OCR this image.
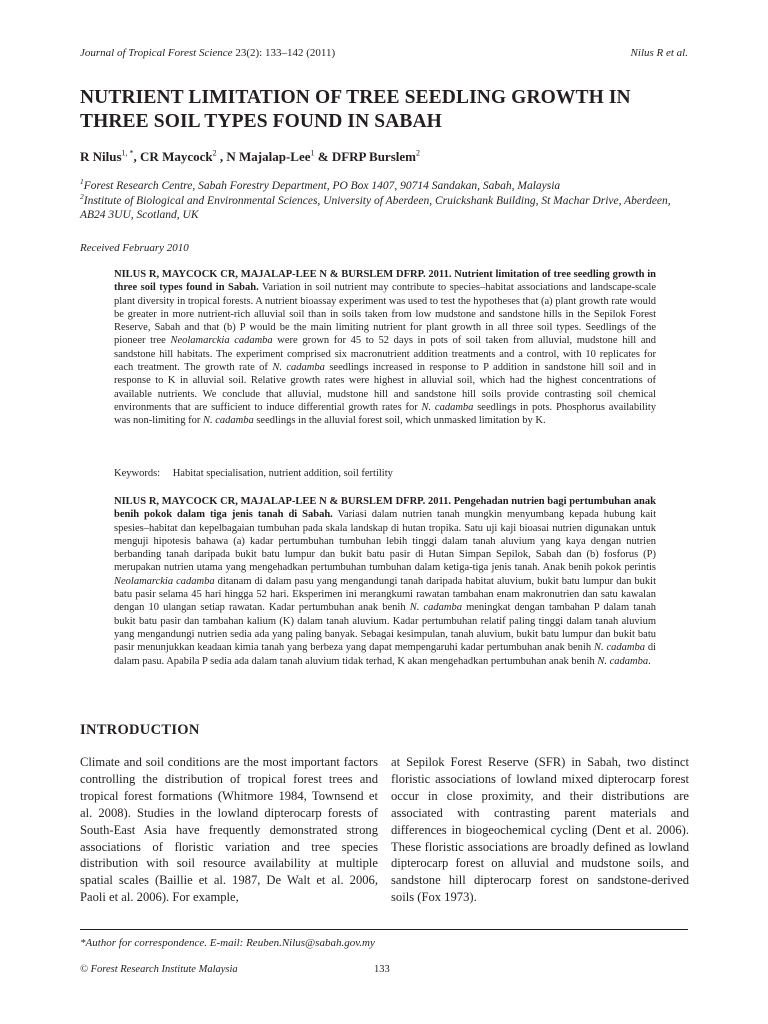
Journal of Tropical Forest Science 23(2): 133–142 (2011)	Nilus R et al.
NUTRIENT LIMITATION OF TREE SEEDLING GROWTH IN THREE SOIL TYPES FOUND IN SABAH
R Nilus$^{1, *}$, CR Maycock$^2$ , N Majalap-Lee$^1$ & DFRP Burslem$^2$
$^1$Forest Research Centre, Sabah Forestry Department, PO Box 1407, 90714 Sandakan, Sabah, Malaysia
$^2$Institute of Biological and Environmental Sciences, University of Aberdeen, Cruickshank Building, St Machar Drive, Aberdeen, AB24 3UU, Scotland, UK
Received February 2010

NILUS R, MAYCOCK CR, MAJALAP-LEE N & BURSLEM DFRP. 2011. Nutrient limitation of tree seedling growth in three soil types found in Sabah. Variation in soil nutrient may contribute to species–habitat associations and landscape-scale plant diversity in tropical forests. A nutrient bioassay experiment was used to test the hypotheses that (a) plant growth rate would be greater in more nutrient-rich alluvial soil than in soils taken from low mudstone and sandstone hills in the Sepilok Forest Reserve, Sabah and that (b) P would be the main limiting nutrient for plant growth in all three soil types. Seedlings of the pioneer tree Neolamarckia cadamba were grown for 45 to 52 days in pots of soil taken from alluvial, mudstone hill and sandstone hill habitats. The experiment comprised six macronutrient addition treatments and a control, with 10 replicates for each treatment. The growth rate of N. cadamba seedlings increased in response to P addition in sandstone hill soil and in response to K in alluvial soil. Relative growth rates were highest in alluvial soil, which had the highest concentrations of available nutrients. We conclude that alluvial, mudstone hill and sandstone hill soils provide contrasting soil chemical environments that are sufficient to induce differential growth rates for N. cadamba seedlings in pots. Phosphorus availability was non-limiting for N. cadamba seedlings in the alluvial forest soil, which unmasked limitation by K.

Keywords: Habitat specialisation, nutrient addition, soil fertility

NILUS R, MAYCOCK CR, MAJALAP-LEE N & BURSLEM DFRP. 2011. Pengehadan nutrien bagi pertumbuhan anak benih pokok dalam tiga jenis tanah di Sabah. Variasi dalam nutrien tanah mungkin menyumbang kepada hubung kait spesies–habitat dan kepelbagaian tumbuhan pada skala landskap di hutan tropika. Satu uji kaji bioasai nutrien digunakan untuk menguji hipotesis bahawa (a) kadar pertumbuhan tumbuhan lebih tinggi dalam tanah aluvium yang kaya dengan nutrien berbanding tanah daripada bukit batu lumpur dan bukit batu pasir di Hutan Simpan Sepilok, Sabah dan (b) fosforus (P) merupakan nutrien utama yang mengehadkan pertumbuhan tumbuhan dalam ketiga-tiga jenis tanah. Anak benih pokok perintis Neolamarckia cadamba ditanam di dalam pasu yang mengandungi tanah daripada habitat aluvium, bukit batu lumpur dan bukit batu pasir selama 45 hari hingga 52 hari. Eksperimen ini merangkumi rawatan tambahan enam makronutrien dan satu kawalan dengan 10 ulangan setiap rawatan. Kadar pertumbuhan anak benih N. cadamba meningkat dengan tambahan P dalam tanah bukit batu pasir dan tambahan kalium (K) dalam tanah aluvium. Kadar pertumbuhan relatif paling tinggi dalam tanah aluvium yang mengandungi nutrien sedia ada yang paling banyak. Sebagai kesimpulan, tanah aluvium, bukit batu lumpur dan bukit batu pasir menunjukkan keadaan kimia tanah yang berbeza yang dapat mempengaruhi kadar pertumbuhan anak benih N. cadamba di dalam pasu. Apabila P sedia ada dalam tanah aluvium tidak terhad, K akan mengehadkan pertumbuhan anak benih N. cadamba.

INTRODUCTION

Climate and soil conditions are the most important factors controlling the distribution of tropical forest trees and tropical forest formations (Whitmore 1984, Townsend et al. 2008). Studies in the lowland dipterocarp forests of South-East Asia have frequently demonstrated strong associations of floristic variation and tree species distribution with soil resource availability at multiple spatial scales (Baillie et al. 1987, De Walt et al. 2006, Paoli et al. 2006). For example,

at Sepilok Forest Reserve (SFR) in Sabah, two distinct floristic associations of lowland mixed dipterocarp forest occur in close proximity, and their distributions are associated with contrasting parent materials and differences in biogeochemical cycling (Dent et al. 2006). These floristic associations are broadly defined as lowland dipterocarp forest on alluvial and mudstone soils, and sandstone hill dipterocarp forest on sandstone-derived soils (Fox 1973).

*Author for correspondence. E-mail: Reuben.Nilus@sabah.gov.my
© Forest Research Institute Malaysia	133
